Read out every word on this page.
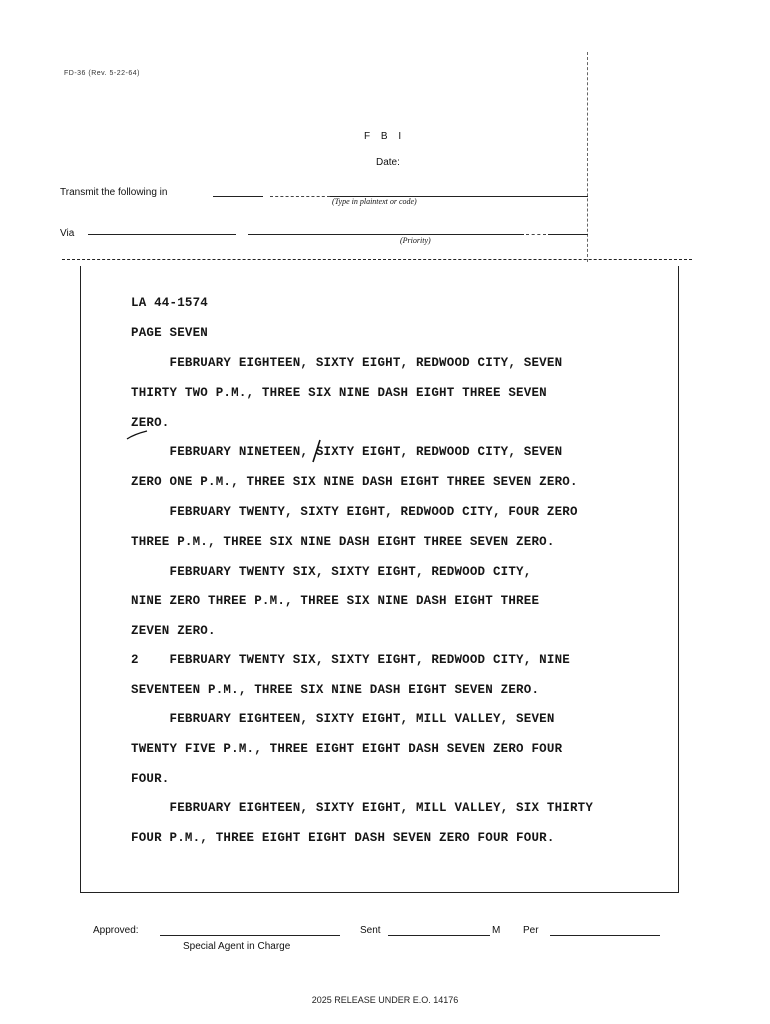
FD-36 (Rev. 5-22-64)
F B I
Date:
Transmit the following in
(Type in plaintext or code)
Via
(Priority)
LA 44-1574
PAGE SEVEN
FEBRUARY EIGHTEEN, SIXTY EIGHT, REDWOOD CITY, SEVEN
THIRTY TWO P.M., THREE SIX NINE DASH EIGHT THREE SEVEN
ZERO.
FEBRUARY NINETEEN, SIXTY EIGHT, REDWOOD CITY, SEVEN
ZERO ONE P.M., THREE SIX NINE DASH EIGHT THREE SEVEN ZERO.
FEBRUARY TWENTY, SIXTY EIGHT, REDWOOD CITY, FOUR ZERO
THREE P.M., THREE SIX NINE DASH EIGHT THREE SEVEN ZERO.
FEBRUARY TWENTY SIX, SIXTY EIGHT, REDWOOD CITY,
NINE ZERO THREE P.M., THREE SIX NINE DASH EIGHT THREE
ZEVEN ZERO.
2    FEBRUARY TWENTY SIX, SIXTY EIGHT, REDWOOD CITY, NINE
SEVENTEEN P.M., THREE SIX NINE DASH EIGHT SEVEN ZERO.
FEBRUARY EIGHTEEN, SIXTY EIGHT, MILL VALLEY, SEVEN
TWENTY FIVE P.M., THREE EIGHT EIGHT DASH SEVEN ZERO FOUR
FOUR.
FEBRUARY EIGHTEEN, SIXTY EIGHT, MILL VALLEY, SIX THIRTY
FOUR P.M., THREE EIGHT EIGHT DASH SEVEN ZERO FOUR FOUR.
Approved:
Special Agent in Charge
Sent	M Per
2025 RELEASE UNDER E.O. 14176
